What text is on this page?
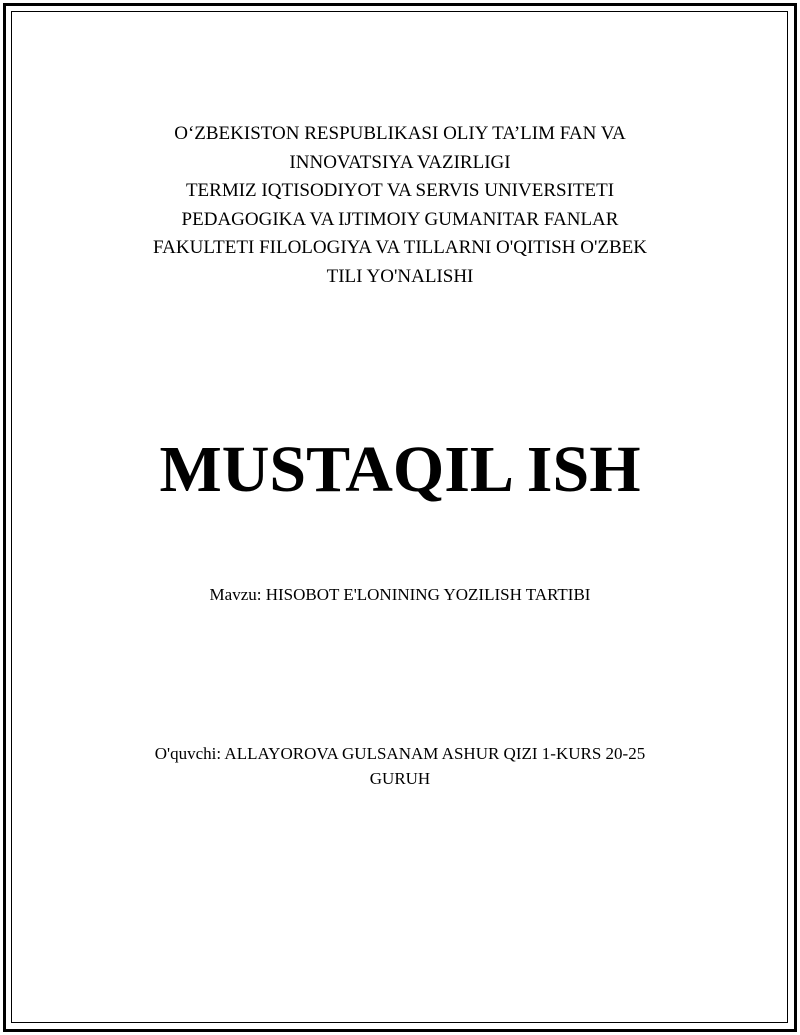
O‘ZBEKISTON RESPUBLIKASI OLIY TA’LIM FAN VA
INNOVATSIYA VAZIRLIGI
TERMIZ IQTISODIYOT VA SERVIS UNIVERSITETI
PEDAGOGIKA VA IJTIMOIY GUMANITAR FANLAR
FAKULTETI FILOLOGIYA VA TILLARNI O'QITISH O'ZBEK
TILI YO'NALISHI
MUSTAQIL ISH
Mavzu: HISOBOT E'LONINING YOZILISH TARTIBI
O'quvchi: ALLAYOROVA GULSANAM ASHUR QIZI 1-KURS 20-25
GURUH
